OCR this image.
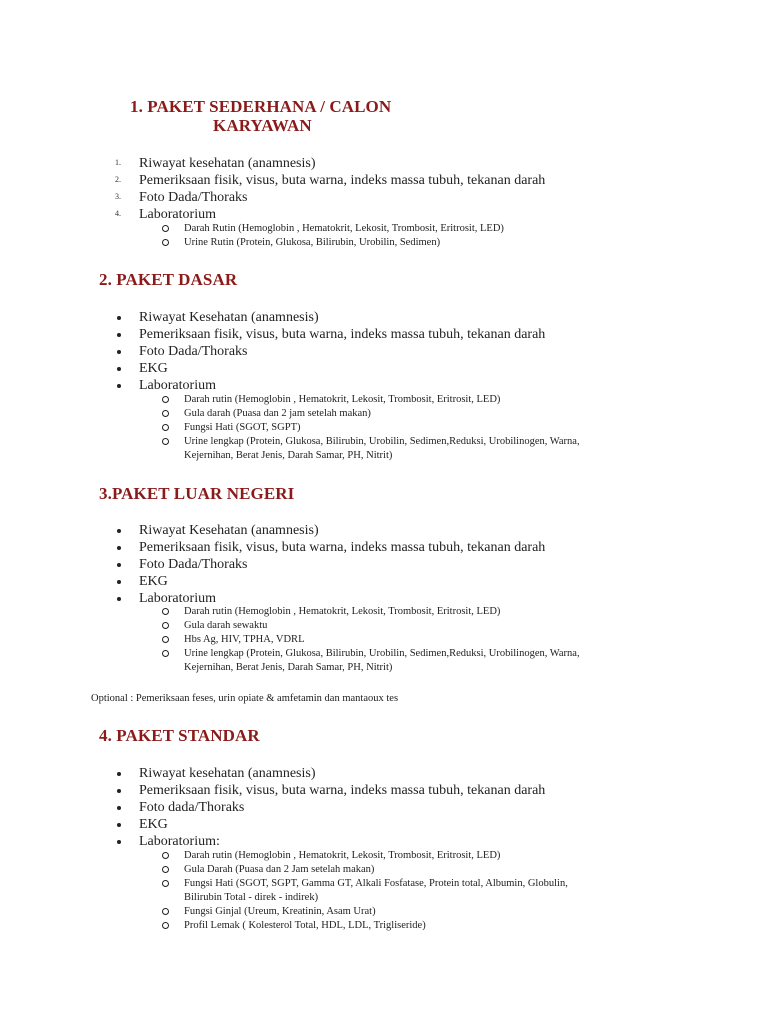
1. PAKET SEDERHANA / CALON
KARYAWAN
1. Riwayat kesehatan (anamnesis)
2. Pemeriksaan fisik, visus, buta warna, indeks massa tubuh, tekanan darah
3. Foto Dada/Thoraks
4. Laboratorium
Darah Rutin (Hemoglobin , Hematokrit, Lekosit, Trombosit, Eritrosit, LED)
Urine Rutin (Protein, Glukosa, Bilirubin, Urobilin, Sedimen)
2. PAKET DASAR
Riwayat Kesehatan (anamnesis)
Pemeriksaan fisik, visus, buta warna, indeks massa tubuh, tekanan darah
Foto Dada/Thoraks
EKG
Laboratorium
Darah rutin (Hemoglobin , Hematokrit, Lekosit, Trombosit, Eritrosit, LED)
Gula darah (Puasa dan 2 jam setelah makan)
Fungsi Hati (SGOT, SGPT)
Urine lengkap (Protein, Glukosa, Bilirubin, Urobilin, Sedimen,Reduksi, Urobilinogen, Warna,
Kejernihan, Berat Jenis, Darah Samar, PH, Nitrit)
3.PAKET LUAR NEGERI
Riwayat Kesehatan (anamnesis)
Pemeriksaan fisik, visus, buta warna, indeks massa tubuh, tekanan darah
Foto Dada/Thoraks
EKG
Laboratorium
Darah rutin (Hemoglobin , Hematokrit, Lekosit, Trombosit, Eritrosit, LED)
Gula darah sewaktu
Hbs Ag, HIV, TPHA, VDRL
Urine lengkap (Protein, Glukosa, Bilirubin, Urobilin, Sedimen,Reduksi, Urobilinogen, Warna,
Kejernihan, Berat Jenis, Darah Samar, PH, Nitrit)
Optional : Pemeriksaan feses, urin opiate & amfetamin dan mantaoux tes
4. PAKET STANDAR
Riwayat kesehatan (anamnesis)
Pemeriksaan fisik, visus, buta warna, indeks massa tubuh, tekanan darah
Foto dada/Thoraks
EKG
Laboratorium:
Darah rutin (Hemoglobin , Hematokrit, Lekosit, Trombosit, Eritrosit, LED)
Gula Darah (Puasa dan 2 Jam setelah makan)
Fungsi Hati (SGOT, SGPT, Gamma GT, Alkali Fosfatase, Protein total, Albumin, Globulin,
Bilirubin Total - direk - indirek)
Fungsi Ginjal (Ureum, Kreatinin, Asam Urat)
Profil Lemak ( Kolesterol Total, HDL, LDL, Trigliseride)
